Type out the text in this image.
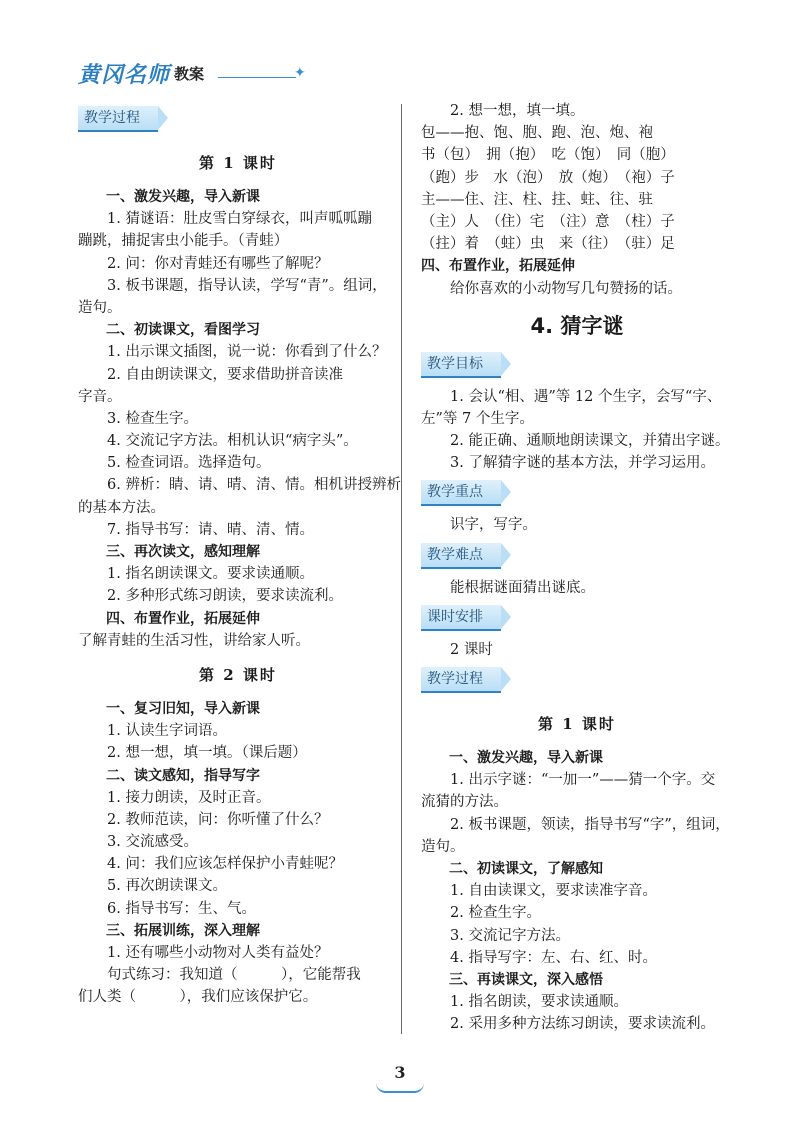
黄冈名师 教案	✦
教学过程
第 1 课时
一、激发兴趣，导入新课
1. 猜谜语：肚皮雪白穿绿衣，叫声呱呱蹦
蹦跳，捕捉害虫小能手。（青蛙）
2. 问：你对青蛙还有哪些了解呢？
3. 板书课题，指导认读，学写“青”。组词，
造句。
二、初读课文，看图学习
1. 出示课文插图，说一说：你看到了什么？
2. 自由朗读课文，要求借助拼音读准
字音。
3. 检查生字。
4. 交流记字方法。相机认识“病字头”。
5. 检查词语。选择造句。
6. 辨析：睛、请、晴、清、情。相机讲授辨析
的基本方法。
7. 指导书写：请、晴、清、情。
三、再次读文，感知理解
1. 指名朗读课文。要求读通顺。
2. 多种形式练习朗读，要求读流利。
四、布置作业，拓展延伸
了解青蛙的生活习性，讲给家人听。
第 2 课时
一、复习旧知，导入新课
1. 认读生字词语。
2. 想一想，填一填。（课后题）
二、读文感知，指导写字
1. 接力朗读，及时正音。
2. 教师范读，问：你听懂了什么？
3. 交流感受。
4. 问：我们应该怎样保护小青蛙呢？
5. 再次朗读课文。
6. 指导书写：生、气。
三、拓展训练，深入理解
1. 还有哪些小动物对人类有益处？
句式练习：我知道（　　　），它能帮我
们人类（　　　），我们应该保护它。
2. 想一想，填一填。
包——抱、饱、胞、跑、泡、炮、袍
书（包）　拥（抱）　吃（饱）　同（胞）
（跑）步　水（泡）　放（炮）　（袍）子
主——住、注、柱、拄、蛀、往、驻
（主）人　（住）宅　（注）意　（柱）子
（拄）着　（蛀）虫　来（往）　（驻）足
四、布置作业，拓展延伸
给你喜欢的小动物写几句赞扬的话。
4. 猜字谜
教学目标
1. 会认“相、遇”等 12 个生字，会写“字、
左”等 7 个生字。
2. 能正确、通顺地朗读课文，并猜出字谜。
3. 了解猜字谜的基本方法，并学习运用。
教学重点
识字，写字。
教学难点
能根据谜面猜出谜底。
课时安排
2 课时
教学过程
第 1 课时
一、激发兴趣，导入新课
1. 出示字谜：“一加一”——猜一个字。交
流猜的方法。
2. 板书课题，领读，指导书写“字”，组词，
造句。
二、初读课文，了解感知
1. 自由读课文，要求读准字音。
2. 检查生字。
3. 交流记字方法。
4. 指导写字：左、右、红、时。
三、再读课文，深入感悟
1. 指名朗读，要求读通顺。
2. 采用多种方法练习朗读，要求读流利。
3
